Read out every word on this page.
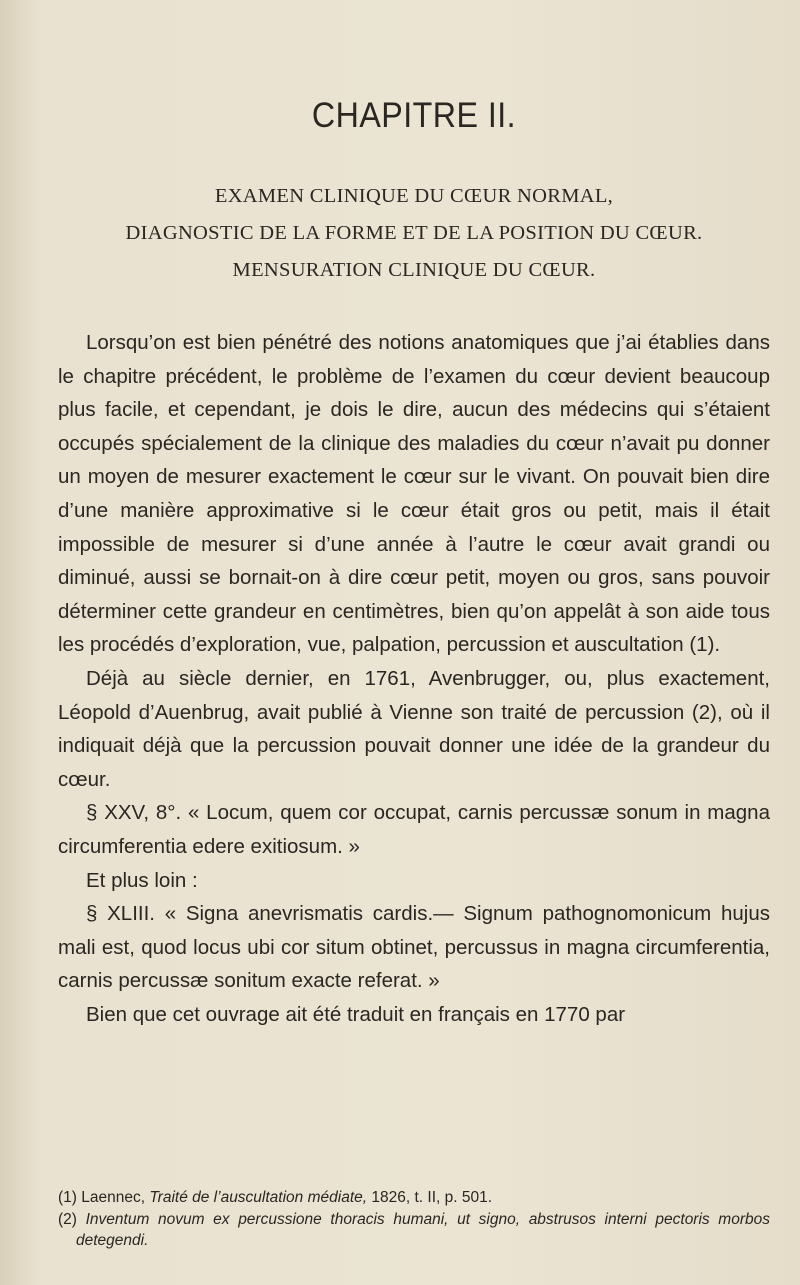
CHAPITRE II.
EXAMEN CLINIQUE DU CŒUR NORMAL,
DIAGNOSTIC DE LA FORME ET DE LA POSITION DU CŒUR.
MENSURATION CLINIQUE DU CŒUR.

Lorsqu’on est bien pénétré des notions anatomiques que j’ai établies dans le chapitre précédent, le problème de l’examen du cœur devient beaucoup plus facile, et cependant, je dois le dire, aucun des médecins qui s’étaient occupés spécialement de la clinique des maladies du cœur n’avait pu donner un moyen de mesurer exactement le cœur sur le vivant. On pouvait bien dire d’une manière approximative si le cœur était gros ou petit, mais il était impossible de mesurer si d’une année à l’autre le cœur avait grandi ou diminué, aussi se bornait-on à dire cœur petit, moyen ou gros, sans pouvoir déterminer cette grandeur en centimètres, bien qu’on appelât à son aide tous les procédés d’exploration, vue, palpation, percussion et auscultation (1).

Déjà au siècle dernier, en 1761, Avenbrugger, ou, plus exactement, Léopold d’Auenbrug, avait publié à Vienne son traité de percussion (2), où il indiquait déjà que la percussion pouvait donner une idée de la grandeur du cœur.

§ XXV, 8°. « Locum, quem cor occupat, carnis percussæ sonum in magna circumferentia edere exitiosum. »

Et plus loin :

§ XLIII. « Signa anevrismatis cardis.— Signum pathognomonicum hujus mali est, quod locus ubi cor situm obtinet, percussus in magna circumferentia, carnis percussæ sonitum exacte referat. »

Bien que cet ouvrage ait été traduit en français en 1770 par

(1) Laennec, Traité de l’auscultation médiate, 1826, t. II, p. 501.

(2) Inventum novum ex percussione thoracis humani, ut signo, abstrusos interni pectoris morbos detegendi.
